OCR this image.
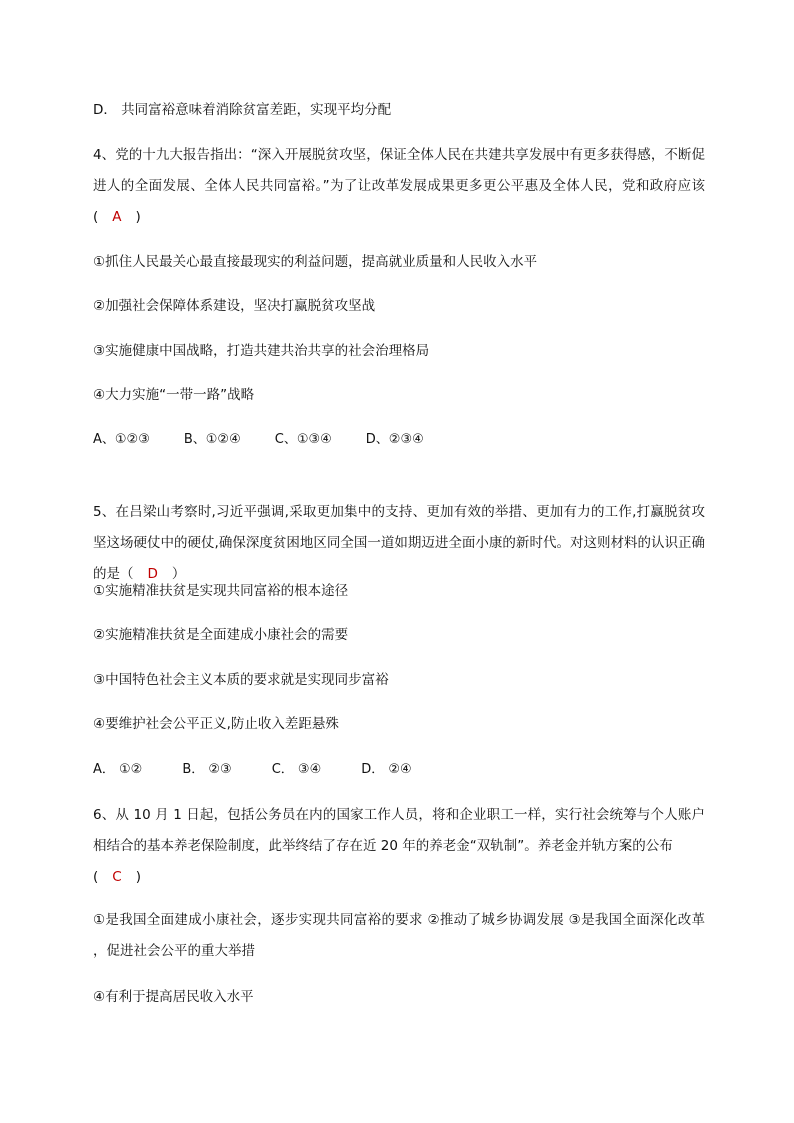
D． 共同富裕意味着消除贫富差距，实现平均分配
4、党的十九大报告指出：“深入开展脱贫攻坚，保证全体人民在共建共享发展中有更多获得感，不断促进人的全面发展、全体人民共同富裕。”为了让改革发展成果更多更公平惠及全体人民，党和政府应该( A )
①抓住人民最关心最直接最现实的利益问题，提高就业质量和人民收入水平
②加强社会保障体系建设，坚决打赢脱贫攻坚战
③实施健康中国战略，打造共建共治共享的社会治理格局
④大力实施“一带一路”战略
A、①②③	B、①②④	C、①③④	D、②③④
5、在吕梁山考察时,习近平强调,采取更加集中的支持、更加有效的举措、更加有力的工作,打赢脱贫攻坚这场硬仗中的硬仗,确保深度贫困地区同全国一道如期迈进全面小康的新时代。对这则材料的认识正确的是（ D ）
①实施精准扶贫是实现共同富裕的根本途径
②实施精准扶贫是全面建成小康社会的需要
③中国特色社会主义本质的要求就是实现同步富裕
④要维护社会公平正义,防止收入差距悬殊
A． ①②	B． ②③	C． ③④	D． ②④
6、从 10 月 1 日起，包括公务员在内的国家工作人员，将和企业职工一样，实行社会统筹与个人账户相结合的基本养老保险制度，此举终结了存在近 20 年的养老金“双轨制”。养老金并轨方案的公布
( C )
①是我国全面建成小康社会，逐步实现共同富裕的要求 ②推动了城乡协调发展 ③是我国全面深化改革 ，促进社会公平的重大举措
④有利于提高居民收入水平
